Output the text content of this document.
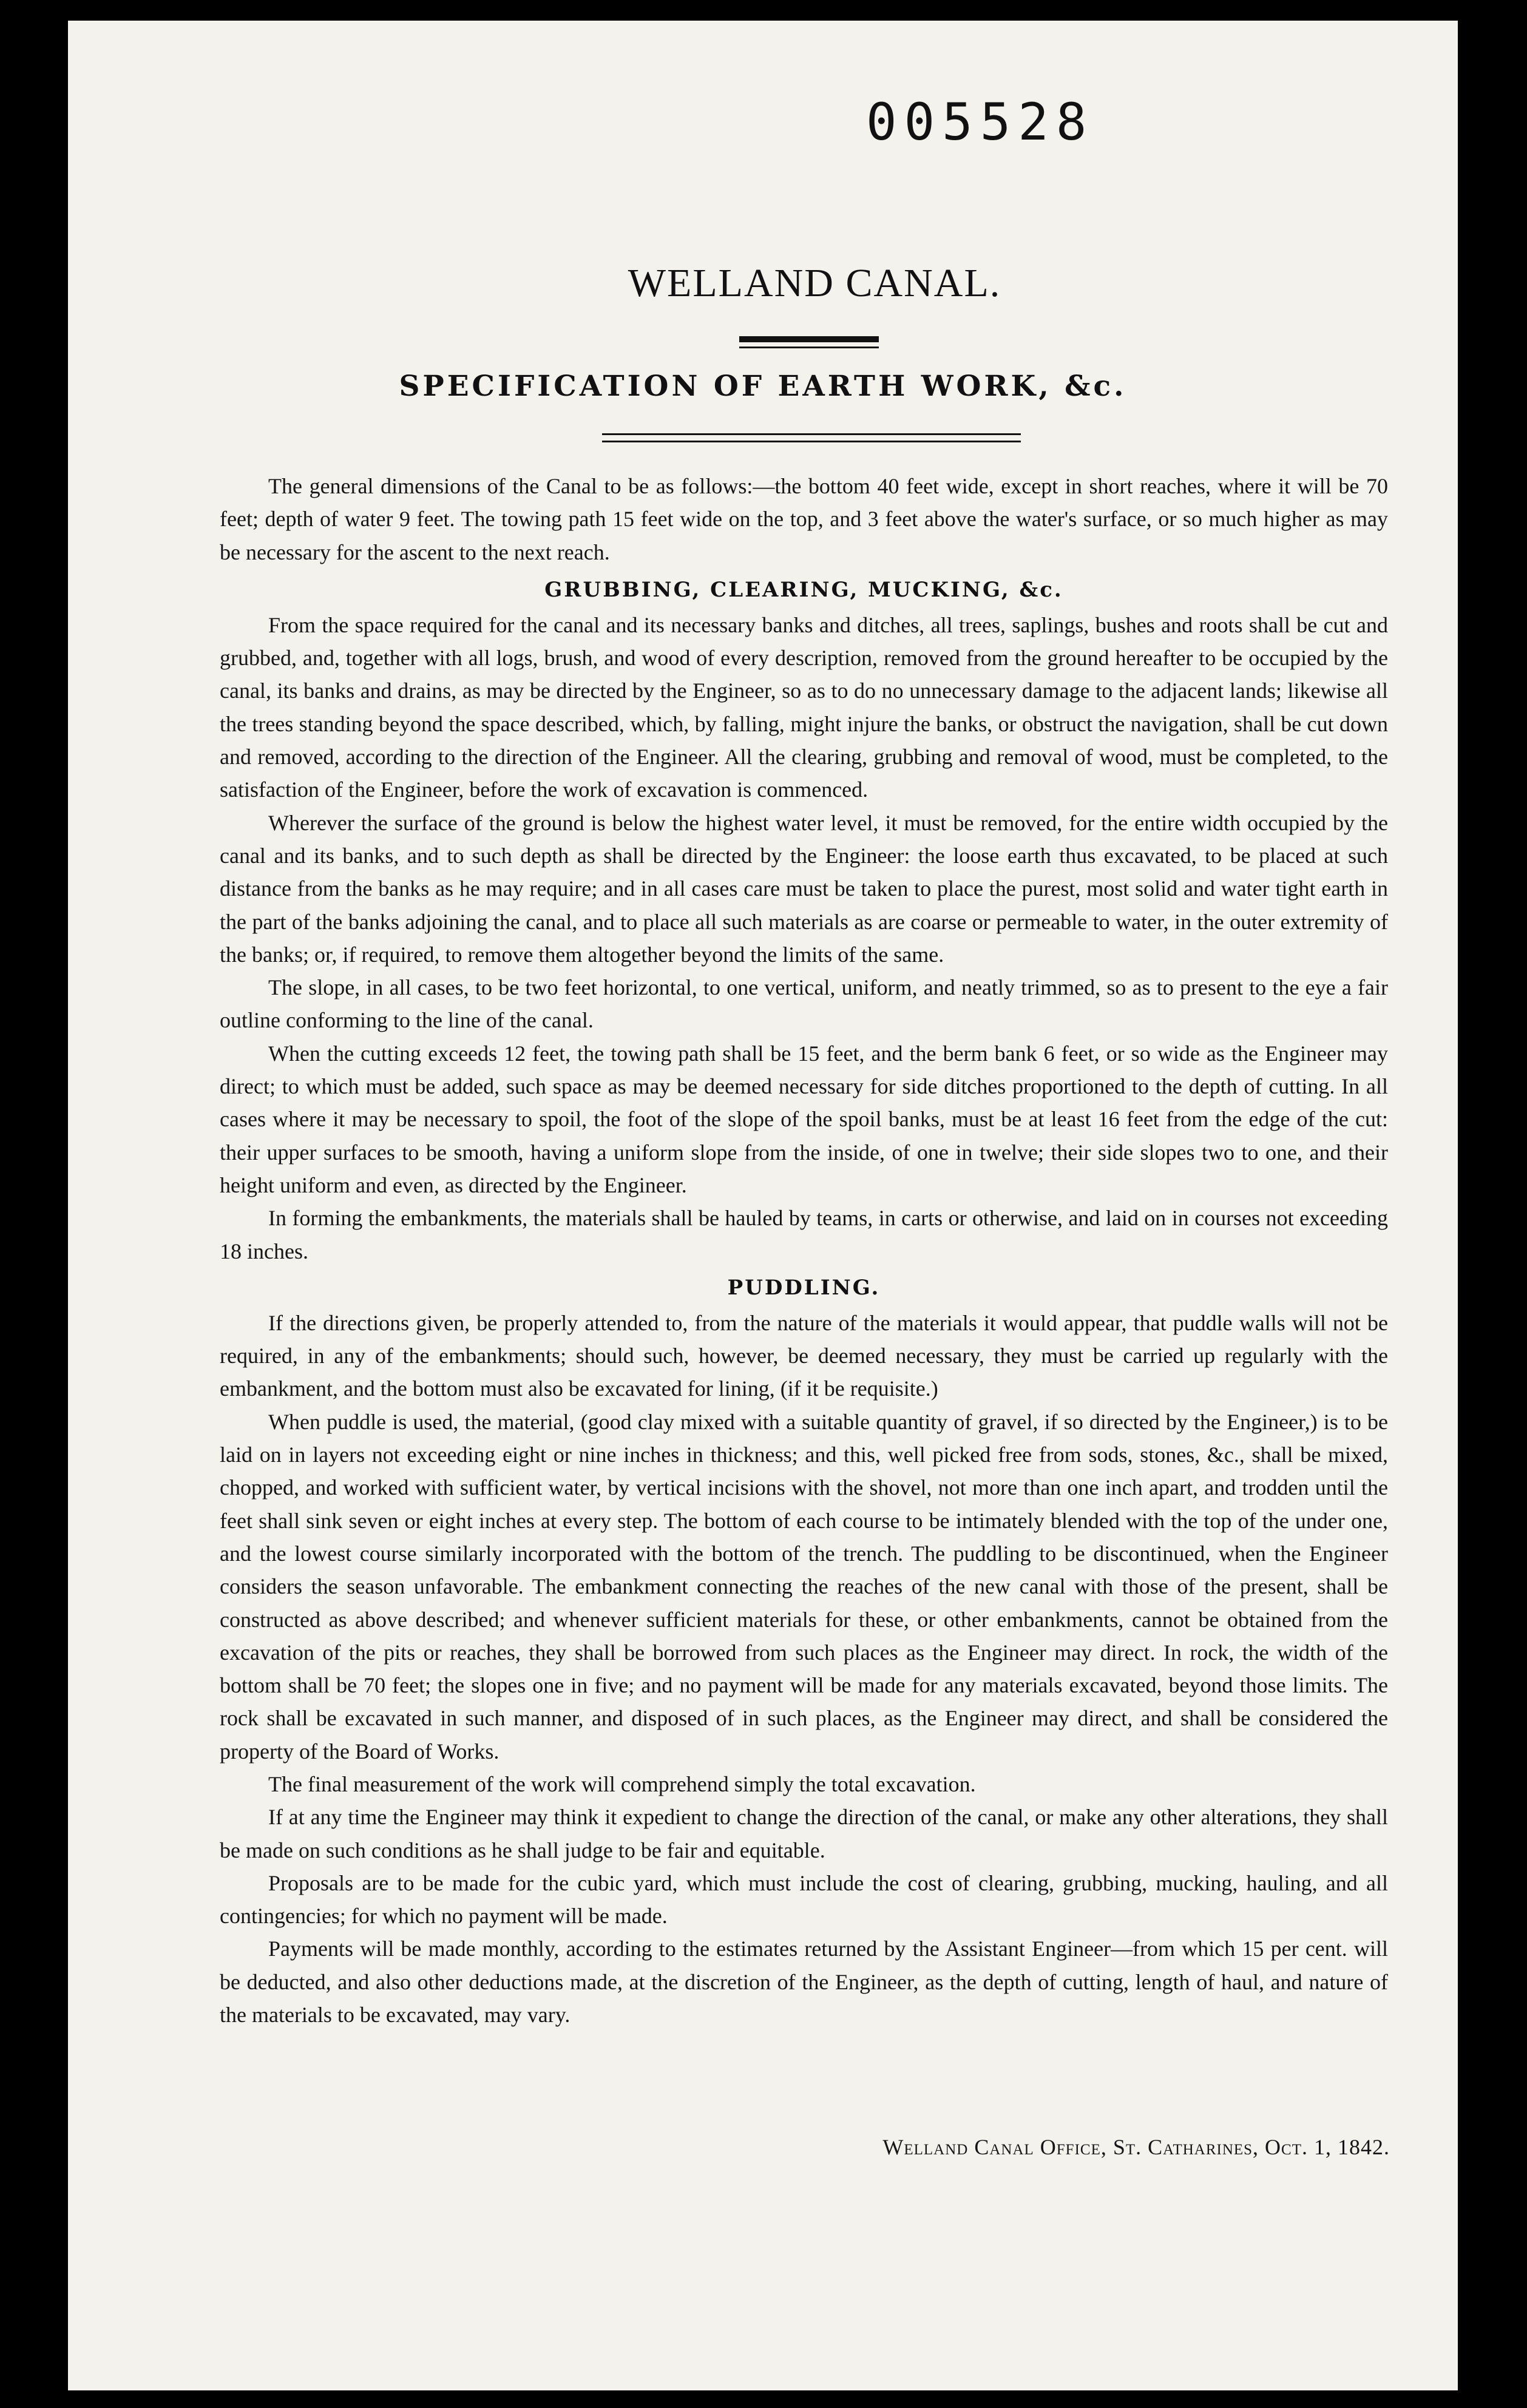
005528
WELLAND CANAL.
SPECIFICATION OF EARTH WORK, &c.

The general dimensions of the Canal to be as follows:—the bottom 40 feet wide, except in short reaches, where it will be 70 feet; depth of water 9 feet. The towing path 15 feet wide on the top, and 3 feet above the water's surface, or so much higher as may be necessary for the ascent to the next reach.

GRUBBING, CLEARING, MUCKING, &c.

From the space required for the canal and its necessary banks and ditches, all trees, saplings, bushes and roots shall be cut and grubbed, and, together with all logs, brush, and wood of every description, removed from the ground hereafter to be occupied by the canal, its banks and drains, as may be directed by the Engineer, so as to do no unnecessary damage to the adjacent lands; likewise all the trees standing beyond the space described, which, by falling, might injure the banks, or obstruct the navigation, shall be cut down and removed, according to the direction of the Engineer. All the clearing, grubbing and removal of wood, must be completed, to the satisfaction of the Engineer, before the work of excavation is commenced.

Wherever the surface of the ground is below the highest water level, it must be removed, for the entire width occupied by the canal and its banks, and to such depth as shall be directed by the Engineer: the loose earth thus excavated, to be placed at such distance from the banks as he may require; and in all cases care must be taken to place the purest, most solid and water tight earth in the part of the banks adjoining the canal, and to place all such materials as are coarse or permeable to water, in the outer extremity of the banks; or, if required, to remove them altogether beyond the limits of the same.

The slope, in all cases, to be two feet horizontal, to one vertical, uniform, and neatly trimmed, so as to present to the eye a fair outline conforming to the line of the canal.

When the cutting exceeds 12 feet, the towing path shall be 15 feet, and the berm bank 6 feet, or so wide as the Engineer may direct; to which must be added, such space as may be deemed necessary for side ditches proportioned to the depth of cutting. In all cases where it may be necessary to spoil, the foot of the slope of the spoil banks, must be at least 16 feet from the edge of the cut: their upper surfaces to be smooth, having a uniform slope from the inside, of one in twelve; their side slopes two to one, and their height uniform and even, as directed by the Engineer.

In forming the embankments, the materials shall be hauled by teams, in carts or otherwise, and laid on in courses not exceeding 18 inches.

PUDDLING.

If the directions given, be properly attended to, from the nature of the materials it would appear, that puddle walls will not be required, in any of the embankments; should such, however, be deemed necessary, they must be carried up regularly with the embankment, and the bottom must also be excavated for lining, (if it be requisite.)

When puddle is used, the material, (good clay mixed with a suitable quantity of gravel, if so directed by the Engineer,) is to be laid on in layers not exceeding eight or nine inches in thickness; and this, well picked free from sods, stones, &c., shall be mixed, chopped, and worked with sufficient water, by vertical incisions with the shovel, not more than one inch apart, and trodden until the feet shall sink seven or eight inches at every step. The bottom of each course to be intimately blended with the top of the under one, and the lowest course similarly incorporated with the bottom of the trench. The puddling to be discontinued, when the Engineer considers the season unfavorable. The embankment connecting the reaches of the new canal with those of the present, shall be constructed as above described; and whenever sufficient materials for these, or other embankments, cannot be obtained from the excavation of the pits or reaches, they shall be borrowed from such places as the Engineer may direct. In rock, the width of the bottom shall be 70 feet; the slopes one in five; and no payment will be made for any materials excavated, beyond those limits. The rock shall be excavated in such manner, and disposed of in such places, as the Engineer may direct, and shall be considered the property of the Board of Works.

The final measurement of the work will comprehend simply the total excavation.

If at any time the Engineer may think it expedient to change the direction of the canal, or make any other alterations, they shall be made on such conditions as he shall judge to be fair and equitable.

Proposals are to be made for the cubic yard, which must include the cost of clearing, grubbing, mucking, hauling, and all contingencies; for which no payment will be made.

Payments will be made monthly, according to the estimates returned by the Assistant Engineer—from which 15 per cent. will be deducted, and also other deductions made, at the discretion of the Engineer, as the depth of cutting, length of haul, and nature of the materials to be excavated, may vary.

Welland Canal Office, St. Catharines, Oct. 1, 1842.
